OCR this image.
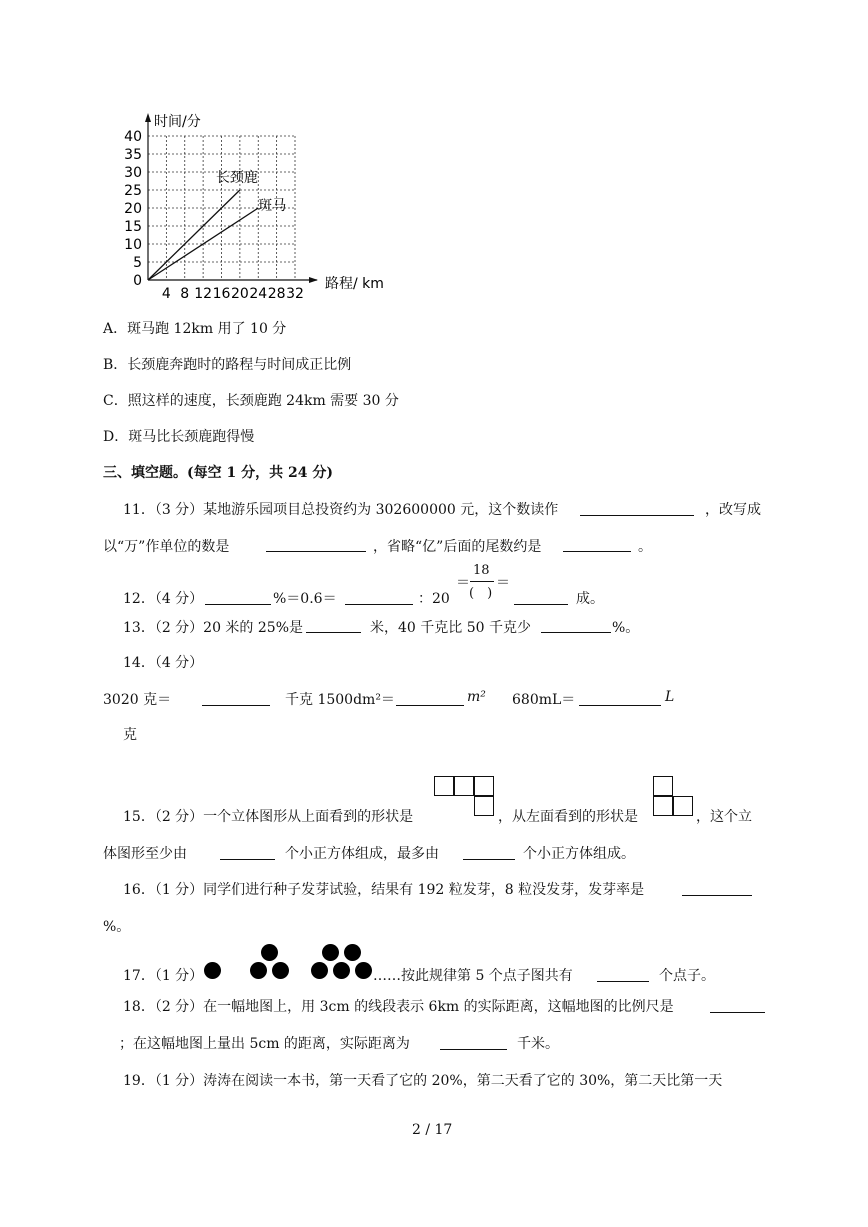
0
5
10
15
20
25
30
35
40
4 8 12 16 20 24 28 32
长颈鹿
斑马
时间/分
路程/ km
A．斑马跑 12km 用了 10 分
B．长颈鹿奔跑时的路程与时间成正比例
C．照这样的速度，长颈鹿跑 24km 需要 30 分
D．斑马比长颈鹿跑得慢
三、填空题。(每空 1 分，共 24 分)
11．（3 分）某地游乐园项目总投资约为 302600000 元，这个数读作	，改写成
以“万”作单位的数是	，省略“亿”后面的尾数约是	。
12．（4 分）	%＝0.6＝	：20
＝
18
(　)
＝
成。
13．（2 分）20 米的 25%是	米，40 千克比 50 千克少	%。
14．（4 分）
3020 克＝	千克 1500dm²＝	m² 680mL＝	L
克
15．（2 分）一个立体图形从上面看到的形状是	，从左面看到的形状是	，这个立
体图形至少由	个小正方体组成，最多由	个小正方体组成。
16．（1 分）同学们进行种子发芽试验，结果有 192 粒发芽，8 粒没发芽，发芽率是
%。
17．（1 分）	……按此规律第 5 个点子图共有	个点子。
18．（2 分）在一幅地图上，用 3cm 的线段表示 6km 的实际距离，这幅地图的比例尺是
；在这幅地图上量出 5cm 的距离，实际距离为	千米。
19．（1 分）涛涛在阅读一本书，第一天看了它的 20%，第二天看了它的 30%，第二天比第一天
2 / 17
